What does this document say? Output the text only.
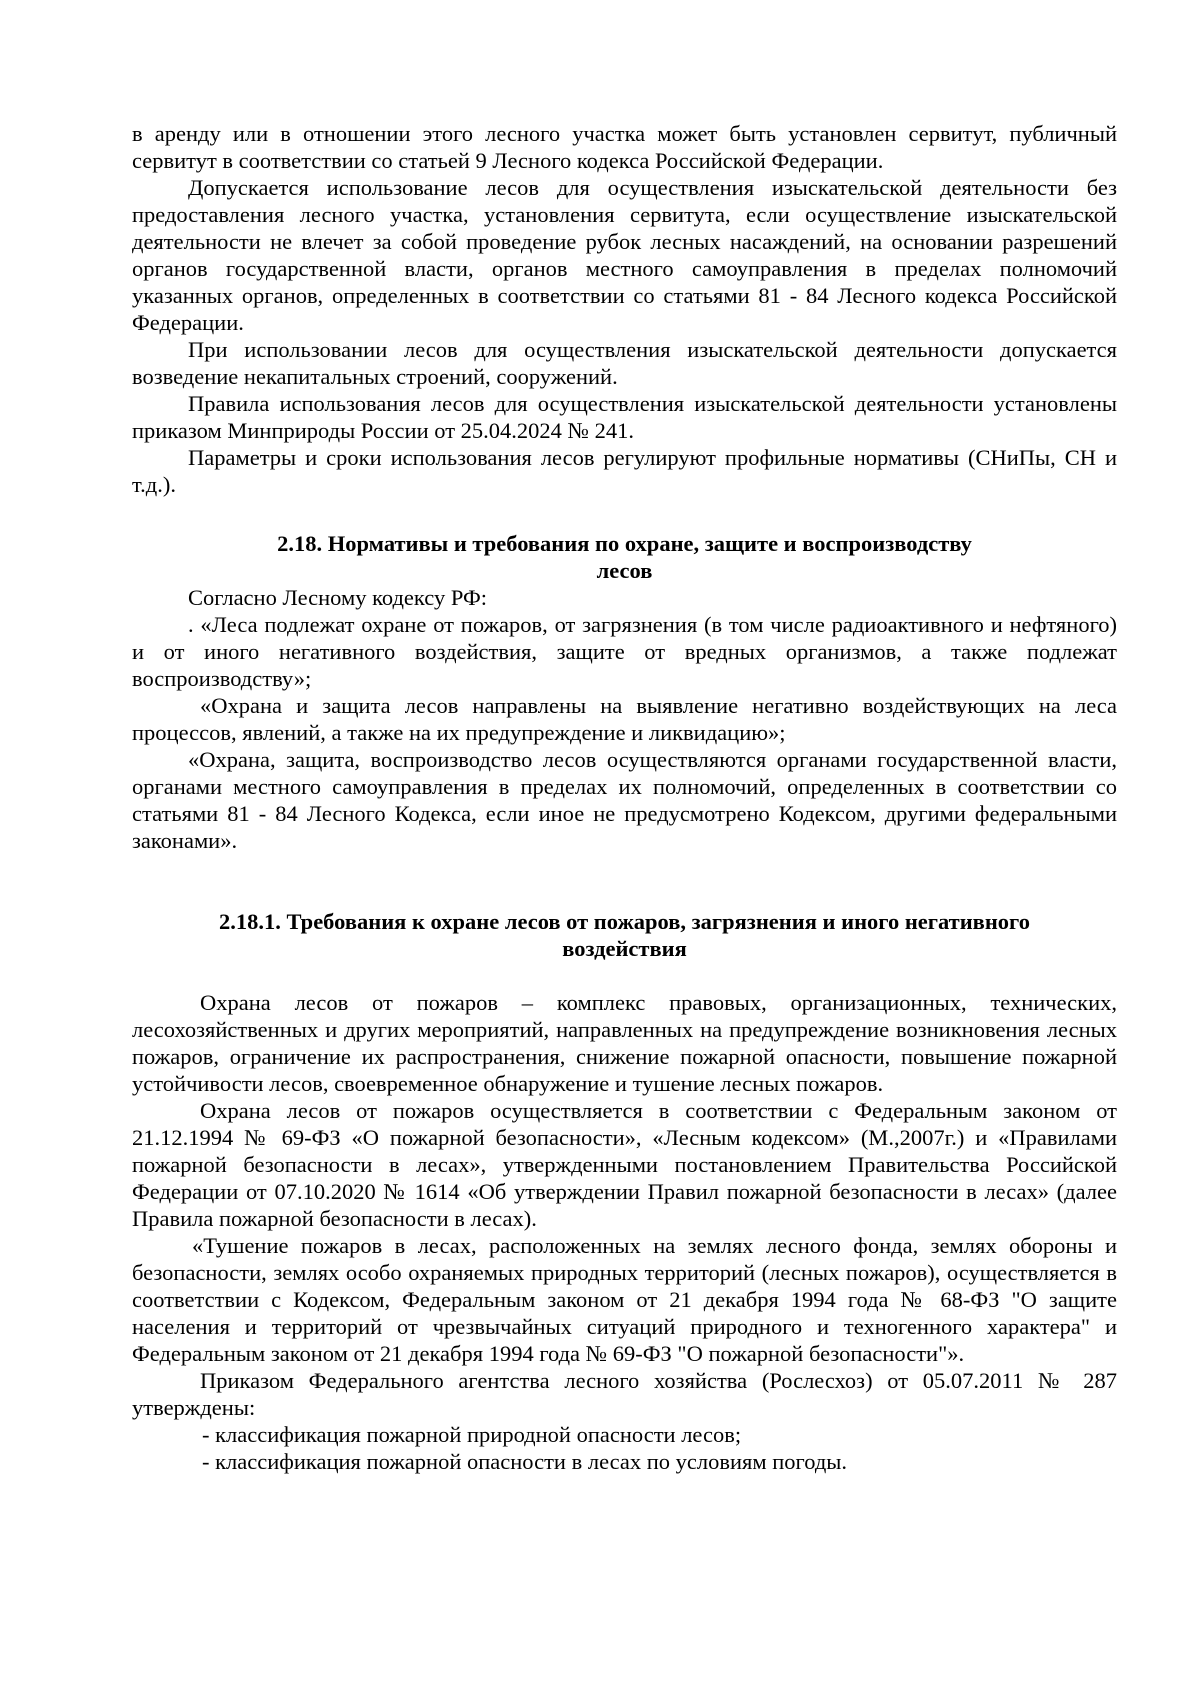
в аренду или в отношении этого лесного участка может быть установлен сервитут, публичный сервитут в соответствии со статьей 9 Лесного кодекса Российской Федерации.

Допускается использование лесов для осуществления изыскательской деятельности без предоставления лесного участка, установления сервитута, если осуществление изыскательской деятельности не влечет за собой проведение рубок лесных насаждений, на основании разрешений органов государственной власти, органов местного самоуправления в пределах полномочий указанных органов, определенных в соответствии со статьями 81 - 84 Лесного кодекса Российской Федерации.

При использовании лесов для осуществления изыскательской деятельности допускается возведение некапитальных строений, сооружений.

Правила использования лесов для осуществления изыскательской деятельности установлены приказом Минприроды России от 25.04.2024 № 241.

Параметры и сроки использования лесов регулируют профильные нормативы (СНиПы, СН и т.д.).

2.18. Нормативы и требования по охране, защите и воспроизводству
лесов

Согласно Лесному кодексу РФ:

. «Леса подлежат охране от пожаров, от загрязнения (в том числе радиоактивного и нефтяного) и от иного негативного воздействия, защите от вредных организмов, а также подлежат воспроизводству»;

«Охрана и защита лесов направлены на выявление негативно воздействующих на леса процессов, явлений, а также на их предупреждение и ликвидацию»;

«Охрана, защита, воспроизводство лесов осуществляются органами государственной власти, органами местного самоуправления в пределах их полномочий, определенных в соответствии со статьями 81 - 84 Лесного Кодекса, если иное не предусмотрено Кодексом, другими федеральными законами».

2.18.1. Требования к охране лесов от пожаров, загрязнения и иного негативного
воздействия

Охрана лесов от пожаров – комплекс правовых, организационных, технических, лесохозяйственных и других мероприятий, направленных на предупреждение возникновения лесных пожаров, ограничение их распространения, снижение пожарной опасности, повышение пожарной устойчивости лесов, своевременное обнаружение и тушение лесных пожаров.

Охрана лесов от пожаров осуществляется в соответствии с Федеральным законом от 21.12.1994 № 69-ФЗ «О пожарной безопасности», «Лесным кодексом» (М.,2007г.) и «Правилами пожарной безопасности в лесах», утвержденными постановлением Правительства Российской Федерации от 07.10.2020 № 1614 «Об утверждении Правил пожарной безопасности в лесах» (далее Правила пожарной безопасности в лесах).

«Тушение пожаров в лесах, расположенных на землях лесного фонда, землях обороны и безопасности, землях особо охраняемых природных территорий (лесных пожаров), осуществляется в соответствии с Кодексом, Федеральным законом от 21 декабря 1994 года № 68-ФЗ "О защите населения и территорий от чрезвычайных ситуаций природного и техногенного характера" и Федеральным законом от 21 декабря 1994 года № 69-ФЗ "О пожарной безопасности"».

Приказом Федерального агентства лесного хозяйства (Рослесхоз) от 05.07.2011 № 287 утверждены:

- классификация пожарной природной опасности лесов;

- классификация пожарной опасности в лесах по условиям погоды.
